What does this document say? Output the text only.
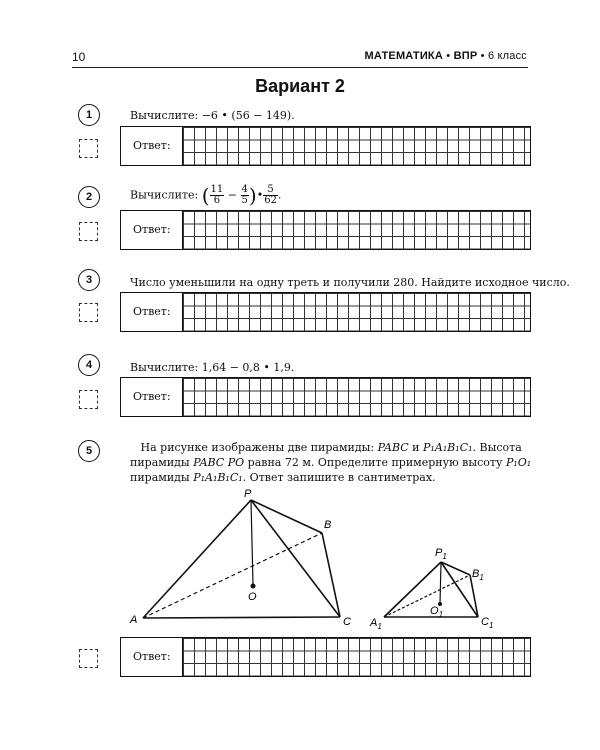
10	МАТЕМАТИКА • ВПР • 6 класс
Вариант 2
1	Вычислите: −6 • (56 − 149).
Ответ:
2	Вычислите: ( $\frac{11}{6} - \frac{4}{5}$ )• $\frac{5}{62}$ .
Ответ:
3	Число уменьшили на одну треть и получили 280. Найдите исходное число.
Ответ:
4	Вычислите: 1,64 − 0,8 • 1,9.
Ответ:
5	На рисунке изображены две пирамиды: PABC и P₁A₁B₁C₁. Высота пирамиды PABC PO равна 72 м. Определите примерную высоту P₁O₁ пирамиды P₁A₁B₁C₁. Ответ запишите в сантиметрах.
P
A
B
C
O
$P_1$
$A_1$
$B_1$
$C_1$
$O_1$
Ответ:
